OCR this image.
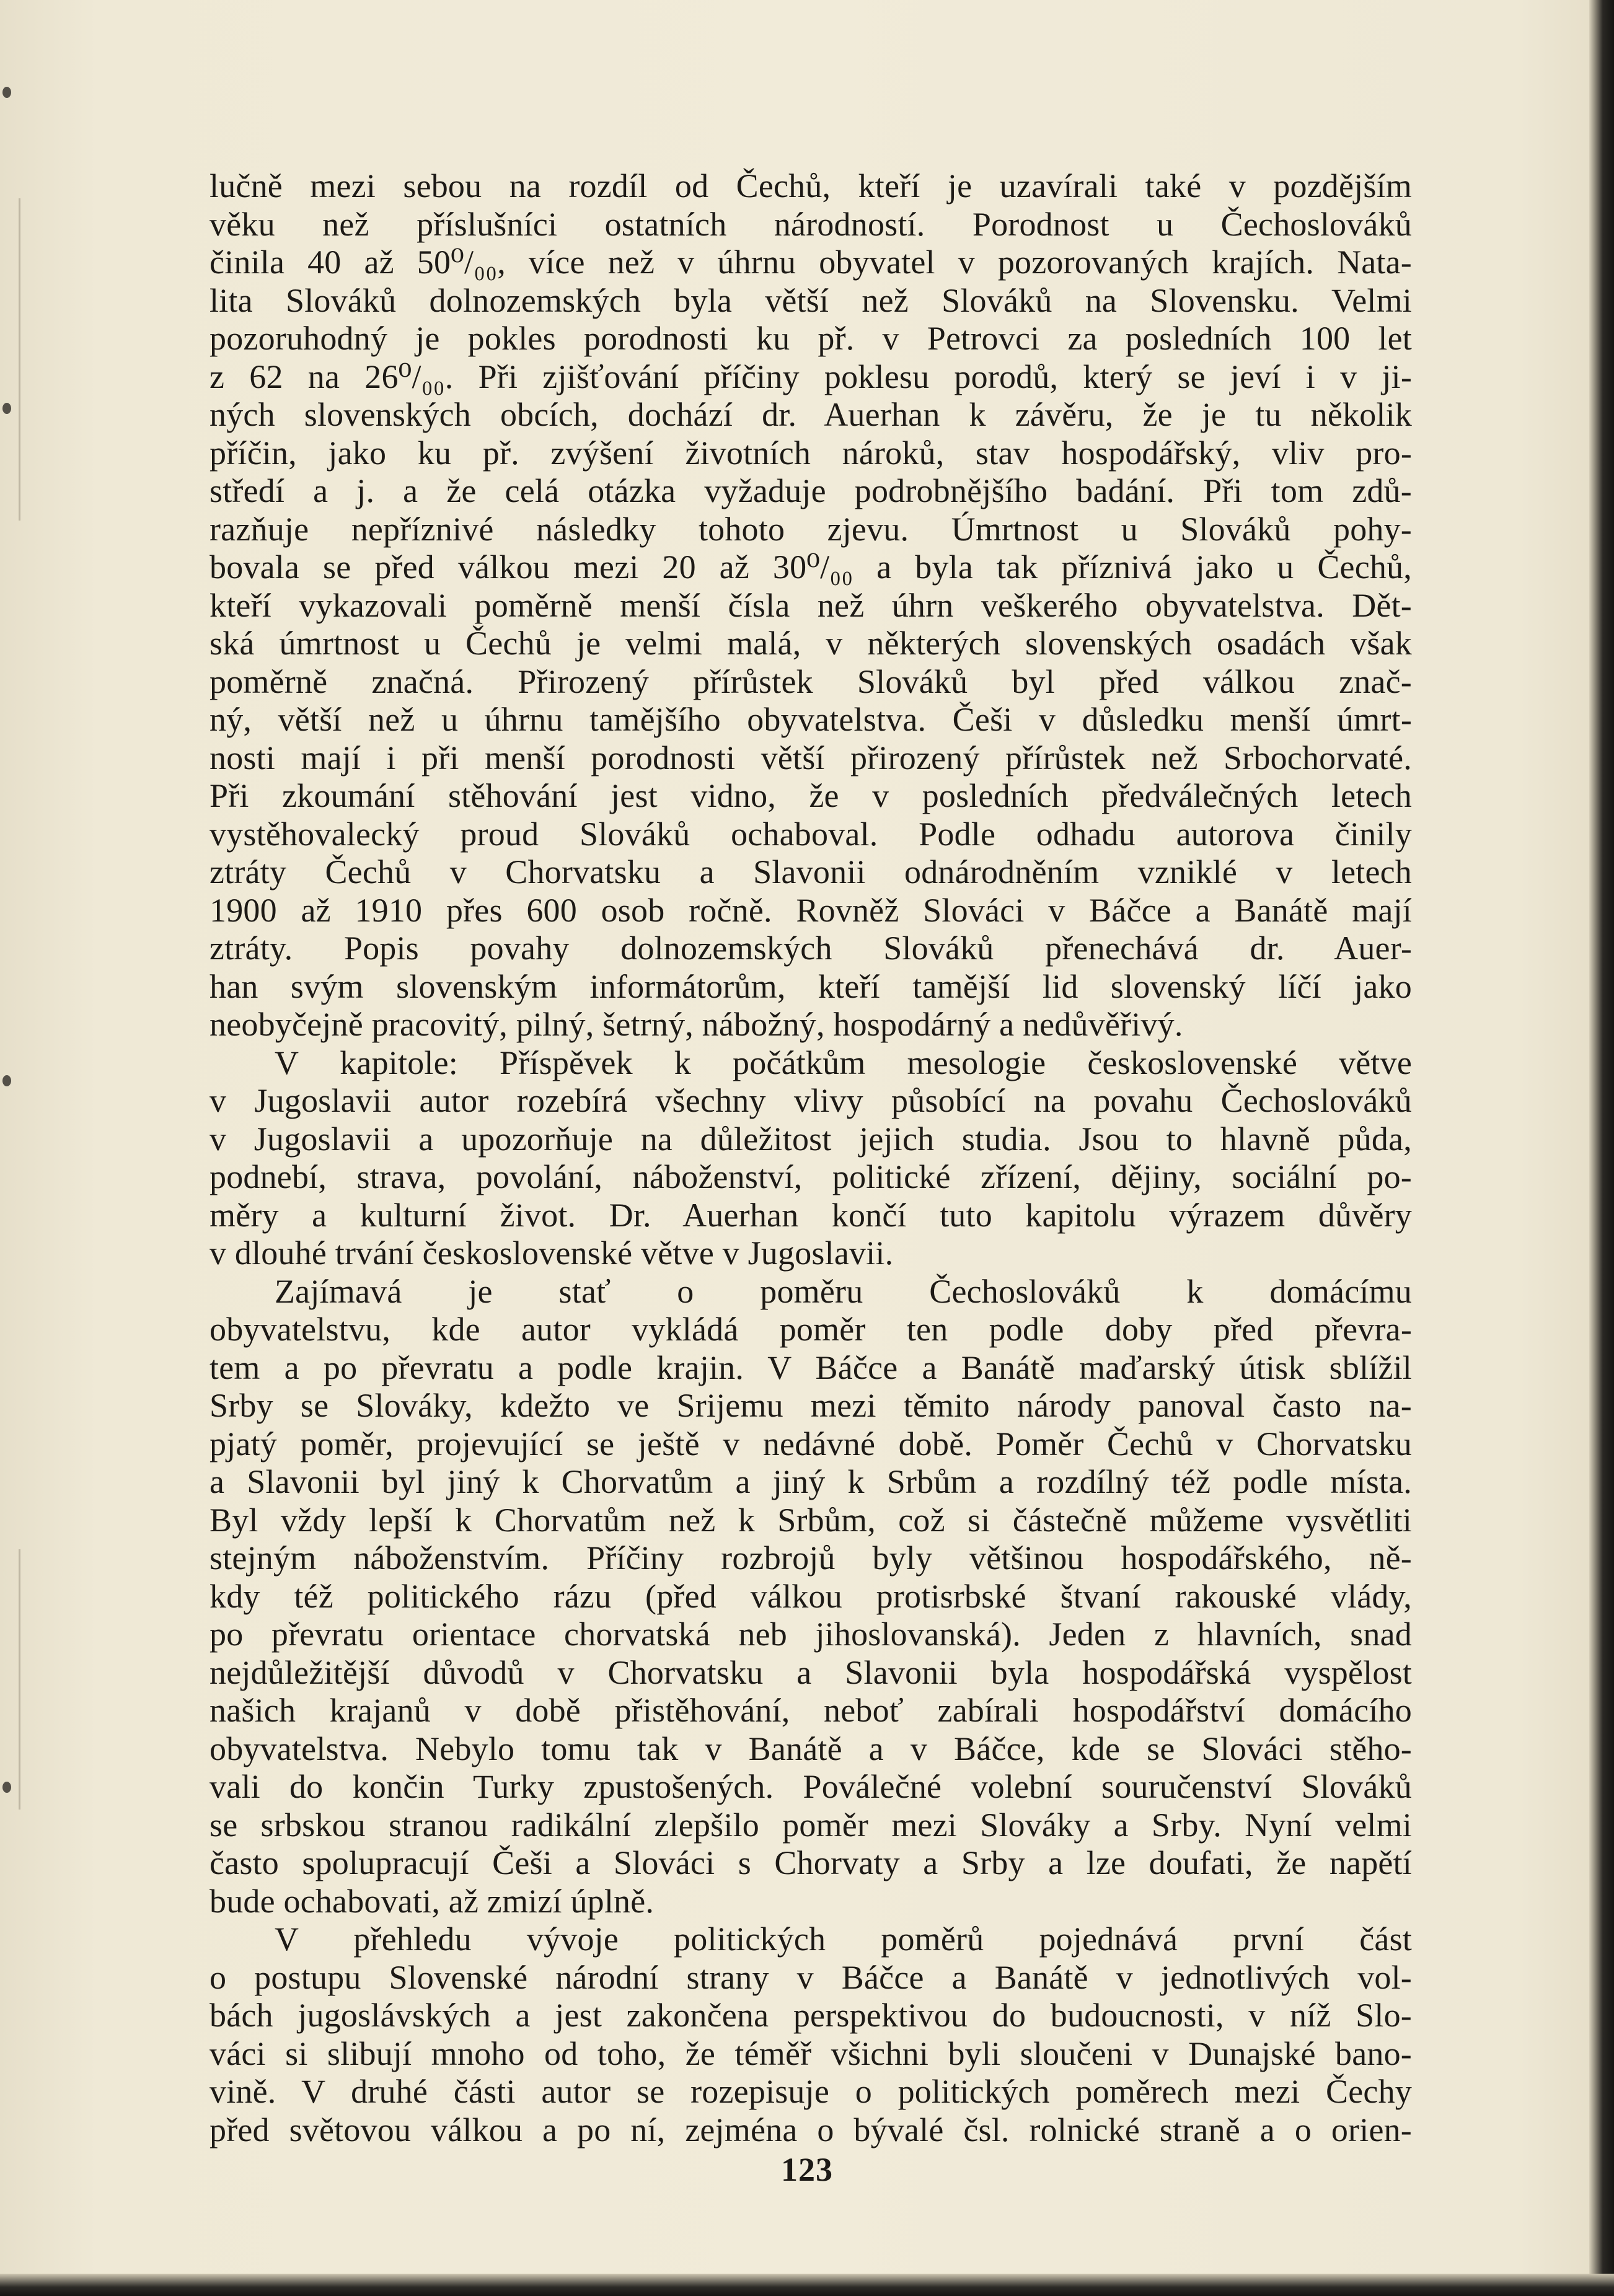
lučně mezi sebou na rozdíl od Čechů, kteří je uzavírali také v pozdějším
věku než příslušníci ostatních národností. Porodnost u Čechoslováků
činila 40 až 50⁰/₀₀, více než v úhrnu obyvatel v pozorovaných krajích. Nata-
lita Slováků dolnozemských byla větší než Slováků na Slovensku. Velmi
pozoruhodný je pokles porodnosti ku př. v Petrovci za posledních 100 let
z 62 na 26⁰/₀₀. Při zjišťování příčiny poklesu porodů, který se jeví i v ji-
ných slovenských obcích, dochází dr. Auerhan k závěru, že je tu několik
příčin, jako ku př. zvýšení životních nároků, stav hospodářský, vliv pro-
středí a j. a že celá otázka vyžaduje podrobnějšího badání. Při tom zdů-
razňuje nepříznivé následky tohoto zjevu. Úmrtnost u Slováků pohy-
bovala se před válkou mezi 20 až 30⁰/₀₀ a byla tak příznivá jako u Čechů,
kteří vykazovali poměrně menší čísla než úhrn veškerého obyvatelstva. Dět-
ská úmrtnost u Čechů je velmi malá, v některých slovenských osadách však
poměrně značná. Přirozený přírůstek Slováků byl před válkou znač-
ný, větší než u úhrnu tamějšího obyvatelstva. Češi v důsledku menší úmrt-
nosti mají i při menší porodnosti větší přirozený přírůstek než Srbochorvaté.
Při zkoumání stěhování jest vidno, že v posledních předválečných letech
vystěhovalecký proud Slováků ochaboval. Podle odhadu autorova činily
ztráty Čechů v Chorvatsku a Slavonii odnárodněním vzniklé v letech
1900 až 1910 přes 600 osob ročně. Rovněž Slováci v Báčce a Banátě mají
ztráty. Popis povahy dolnozemských Slováků přenechává dr. Auer-
han svým slovenským informátorům, kteří tamější lid slovenský líčí jako
neobyčejně pracovitý, pilný, šetrný, nábožný, hospodárný a nedůvěřivý.
V kapitole: Příspěvek k počátkům mesologie československé větve
v Jugoslavii autor rozebírá všechny vlivy působící na povahu Čechoslováků
v Jugoslavii a upozorňuje na důležitost jejich studia. Jsou to hlavně půda,
podnebí, strava, povolání, náboženství, politické zřízení, dějiny, sociální po-
měry a kulturní život. Dr. Auerhan končí tuto kapitolu výrazem důvěry
v dlouhé trvání československé větve v Jugoslavii.
Zajímavá je stať o poměru Čechoslováků k domácímu
obyvatelstvu, kde autor vykládá poměr ten podle doby před převra-
tem a po převratu a podle krajin. V Báčce a Banátě maďarský útisk sblížil
Srby se Slováky, kdežto ve Srijemu mezi těmito národy panoval často na-
pjatý poměr, projevující se ještě v nedávné době. Poměr Čechů v Chorvatsku
a Slavonii byl jiný k Chorvatům a jiný k Srbům a rozdílný též podle místa.
Byl vždy lepší k Chorvatům než k Srbům, což si částečně můžeme vysvětliti
stejným náboženstvím. Příčiny rozbrojů byly většinou hospodářského, ně-
kdy též politického rázu (před válkou protisrbské štvaní rakouské vlády,
po převratu orientace chorvatská neb jihoslovanská). Jeden z hlavních, snad
nejdůležitější důvodů v Chorvatsku a Slavonii byla hospodářská vyspělost
našich krajanů v době přistěhování, neboť zabírali hospodářství domácího
obyvatelstva. Nebylo tomu tak v Banátě a v Báčce, kde se Slováci stěho-
vali do končin Turky zpustošených. Poválečné volební souručenství Slováků
se srbskou stranou radikální zlepšilo poměr mezi Slováky a Srby. Nyní velmi
často spolupracují Češi a Slováci s Chorvaty a Srby a lze doufati, že napětí
bude ochabovati, až zmizí úplně.
V přehledu vývoje politických poměrů pojednává první část
o postupu Slovenské národní strany v Báčce a Banátě v jednotlivých vol-
bách jugoslávských a jest zakončena perspektivou do budoucnosti, v níž Slo-
váci si slibují mnoho od toho, že téměř všichni byli sloučeni v Dunajské bano-
vině. V druhé části autor se rozepisuje o politických poměrech mezi Čechy
před světovou válkou a po ní, zejména o bývalé čsl. rolnické straně a o orien-
123
